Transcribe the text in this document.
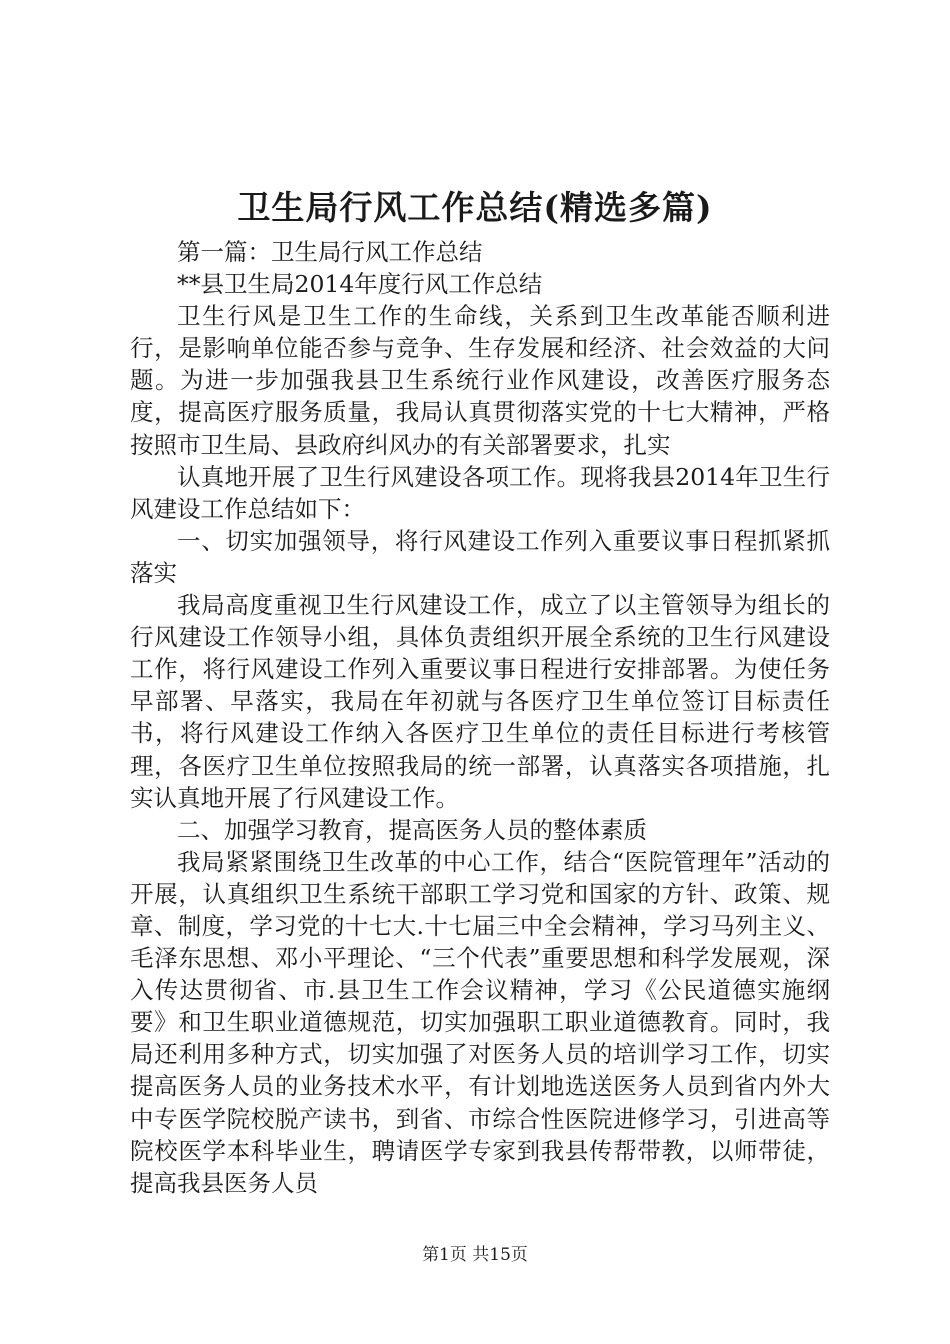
卫生局行风工作总结(精选多篇)

第一篇：卫生局行风工作总结

**县卫生局2014年度行风工作总结

卫生行风是卫生工作的生命线，关系到卫生改革能否顺利进行，是影响单位能否参与竞争、生存发展和经济、社会效益的大问题。为进一步加强我县卫生系统行业作风建设，改善医疗服务态度，提高医疗服务质量，我局认真贯彻落实党的十七大精神，严格按照市卫生局、县政府纠风办的有关部署要求，扎实

认真地开展了卫生行风建设各项工作。现将我县2014年卫生行风建设工作总结如下：

一、切实加强领导，将行风建设工作列入重要议事日程抓紧抓落实

我局高度重视卫生行风建设工作，成立了以主管领导为组长的行风建设工作领导小组，具体负责组织开展全系统的卫生行风建设工作，将行风建设工作列入重要议事日程进行安排部署。为使任务早部署、早落实，我局在年初就与各医疗卫生单位签订目标责任书，将行风建设工作纳入各医疗卫生单位的责任目标进行考核管理，各医疗卫生单位按照我局的统一部署，认真落实各项措施，扎实认真地开展了行风建设工作。

二、加强学习教育，提高医务人员的整体素质

我局紧紧围绕卫生改革的中心工作，结合“医院管理年”活动的开展，认真组织卫生系统干部职工学习党和国家的方针、政策、规章、制度，学习党的十七大.十七届三中全会精神，学习马列主义、毛泽东思想、邓小平理论、“三个代表”重要思想和科学发展观，深入传达贯彻省、市.县卫生工作会议精神，学习《公民道德实施纲要》和卫生职业道德规范，切实加强职工职业道德教育。同时，我局还利用多种方式，切实加强了对医务人员的培训学习工作，切实提高医务人员的业务技术水平，有计划地选送医务人员到省内外大中专医学院校脱产读书，到省、市综合性医院进修学习，引进高等院校医学本科毕业生，聘请医学专家到我县传帮带教，以师带徒，提高我县医务人员

第1页 共15页
